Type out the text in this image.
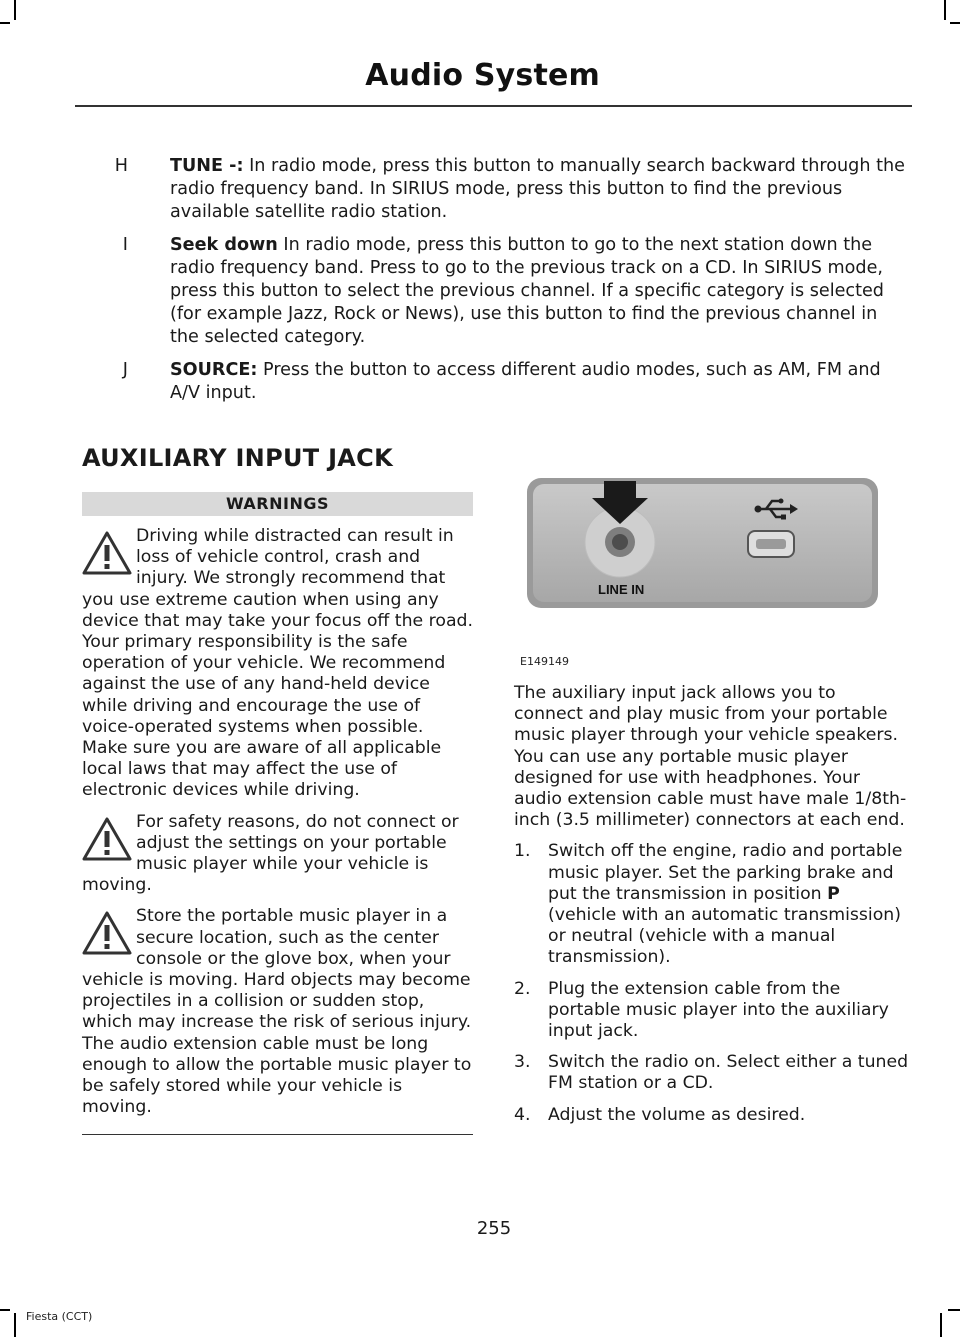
Audio System
H TUNE -: In radio mode, press this button to manually search backward through the radio frequency band. In SIRIUS mode, press this button to find the previous available satellite radio station.
I Seek down In radio mode, press this button to go to the next station down the radio frequency band. Press to go to the previous track on a CD. In SIRIUS mode, press this button to select the previous channel. If a specific category is selected (for example Jazz, Rock or News), use this button to find the previous channel in the selected category.
J SOURCE: Press the button to access different audio modes, such as AM, FM and A/V input.
AUXILIARY INPUT JACK
WARNINGS
Driving while distracted can result in loss of vehicle control, crash and injury. We strongly recommend that you use extreme caution when using any device that may take your focus off the road. Your primary responsibility is the safe operation of your vehicle. We recommend against the use of any hand-held device while driving and encourage the use of voice-operated systems when possible. Make sure you are aware of all applicable local laws that may affect the use of electronic devices while driving.
For safety reasons, do not connect or adjust the settings on your portable music player while your vehicle is moving.
Store the portable music player in a secure location, such as the center console or the glove box, when your vehicle is moving. Hard objects may become projectiles in a collision or sudden stop, which may increase the risk of serious injury. The audio extension cable must be long enough to allow the portable music player to be safely stored while your vehicle is moving.
LINE IN
E149149

The auxiliary input jack allows you to connect and play music from your portable music player through your vehicle speakers. You can use any portable music player designed for use with headphones. Your audio extension cable must have male 1/8th-inch (3.5 millimeter) connectors at each end.

1. Switch off the engine, radio and portable music player. Set the parking brake and put the transmission in position P (vehicle with an automatic transmission) or neutral (vehicle with a manual transmission).
2. Plug the extension cable from the portable music player into the auxiliary input jack.
3. Switch the radio on. Select either a tuned FM station or a CD.
4. Adjust the volume as desired.
255
Fiesta (CCT)
